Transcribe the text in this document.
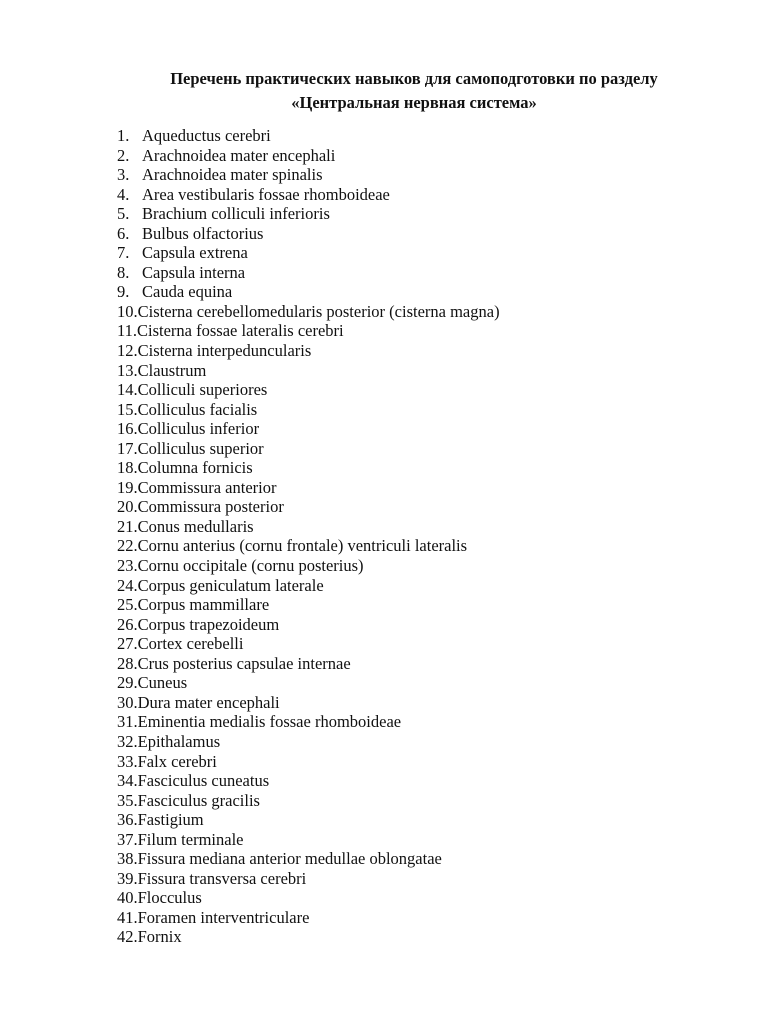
Перечень практических навыков для самоподготовки по разделу
«Центральная нервная система»
1. Aqueductus cerebri
2. Arachnoidea mater encephali
3. Arachnoidea mater spinalis
4. Area vestibularis fossae rhomboideae
5. Brachium colliculi inferioris
6. Bulbus olfactorius
7. Capsula extrena
8. Capsula interna
9. Cauda equina
10.Cisterna cerebellomedularis posterior (cisterna magna)
11.Cisterna fossae lateralis cerebri
12.Cisterna interpeduncularis
13.Claustrum
14.Colliculi superiores
15.Colliculus facialis
16.Colliculus inferior
17.Colliculus superior
18.Columna fornicis
19.Commissura anterior
20.Commissura posterior
21.Conus medullaris
22.Cornu anterius (cornu frontale) ventriculi lateralis
23.Cornu occipitale (cornu posterius)
24.Corpus geniculatum laterale
25.Corpus mammillare
26.Corpus trapezoideum
27.Cortex cerebelli
28.Crus posterius capsulae internae
29.Cuneus
30.Dura mater encephali
31.Eminentia medialis fossae rhomboideae
32.Epithalamus
33.Falx cerebri
34.Fasciculus cuneatus
35.Fasciculus gracilis
36.Fastigium
37.Filum terminale
38.Fissura mediana anterior medullae oblongatae
39.Fissura transversa cerebri
40.Flocculus
41.Foramen interventriculare
42.Fornix
